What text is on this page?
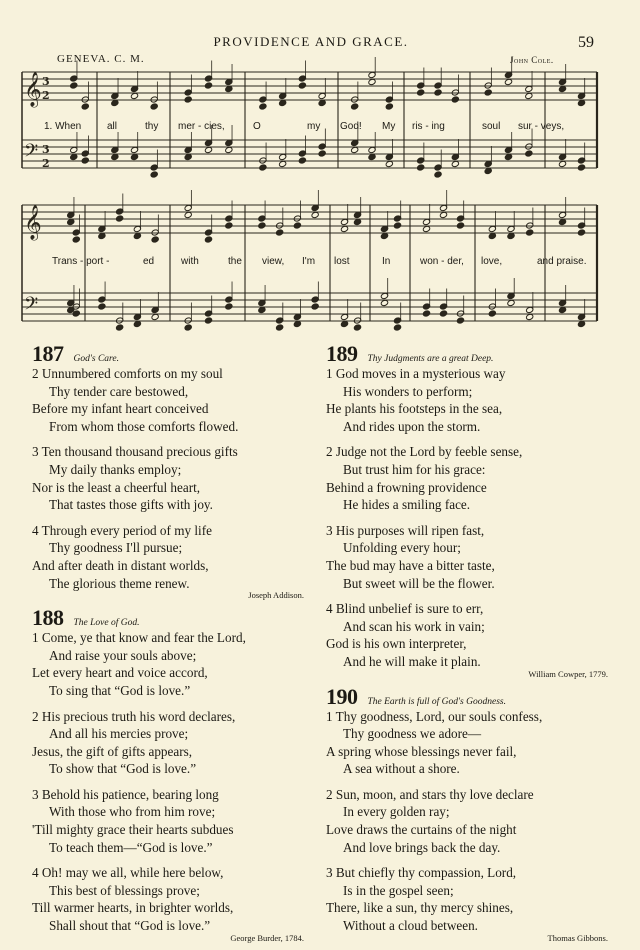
PROVIDENCE AND GRACE.	59
GENEVA. C. M.	John Cole.
𝄞 3
2
𝄢 3
2
𝄞
𝄢
1. When	all	thy mer - cies,	O	my God! My ris - ing	soul sur - veys,
Trans - port -	ed	with	the view, I'm lost	In	won - der, love,	and praise.
187 God's Care.
2 Unnumbered comforts on my soul
Thy tender care bestowed,
Before my infant heart conceived
From whom those comforts flowed.
3 Ten thousand thousand precious gifts
My daily thanks employ;
Nor is the least a cheerful heart,
That tastes those gifts with joy.
4 Through every period of my life
Thy goodness I'll pursue;
And after death in distant worlds,
The glorious theme renew.
Joseph Addison.
188 The Love of God.
1 Come, ye that know and fear the Lord,
And raise your souls above;
Let every heart and voice accord,
To sing that “God is love.”
2 His precious truth his word declares,
And all his mercies prove;
Jesus, the gift of gifts appears,
To show that “God is love.”
3 Behold his patience, bearing long
With those who from him rove;
'Till mighty grace their hearts subdues
To teach them—“God is love.”
4 Oh! may we all, while here below,
This best of blessings prove;
Till warmer hearts, in brighter worlds,
Shall shout that “God is love.”
George Burder, 1784.
189 Thy Judgments are a great Deep.
1 God moves in a mysterious way
His wonders to perform;
He plants his footsteps in the sea,
And rides upon the storm.
2 Judge not the Lord by feeble sense,
But trust him for his grace:
Behind a frowning providence
He hides a smiling face.
3 His purposes will ripen fast,
Unfolding every hour;
The bud may have a bitter taste,
But sweet will be the flower.
4 Blind unbelief is sure to err,
And scan his work in vain;
God is his own interpreter,
And he will make it plain.
William Cowper, 1779.
190 The Earth is full of God's Goodness.
1 Thy goodness, Lord, our souls confess,
Thy goodness we adore—
A spring whose blessings never fail,
A sea without a shore.
2 Sun, moon, and stars thy love declare
In every golden ray;
Love draws the curtains of the night
And love brings back the day.
3 But chiefly thy compassion, Lord,
Is in the gospel seen;
There, like a sun, thy mercy shines,
Without a cloud between.
Thomas Gibbons.
